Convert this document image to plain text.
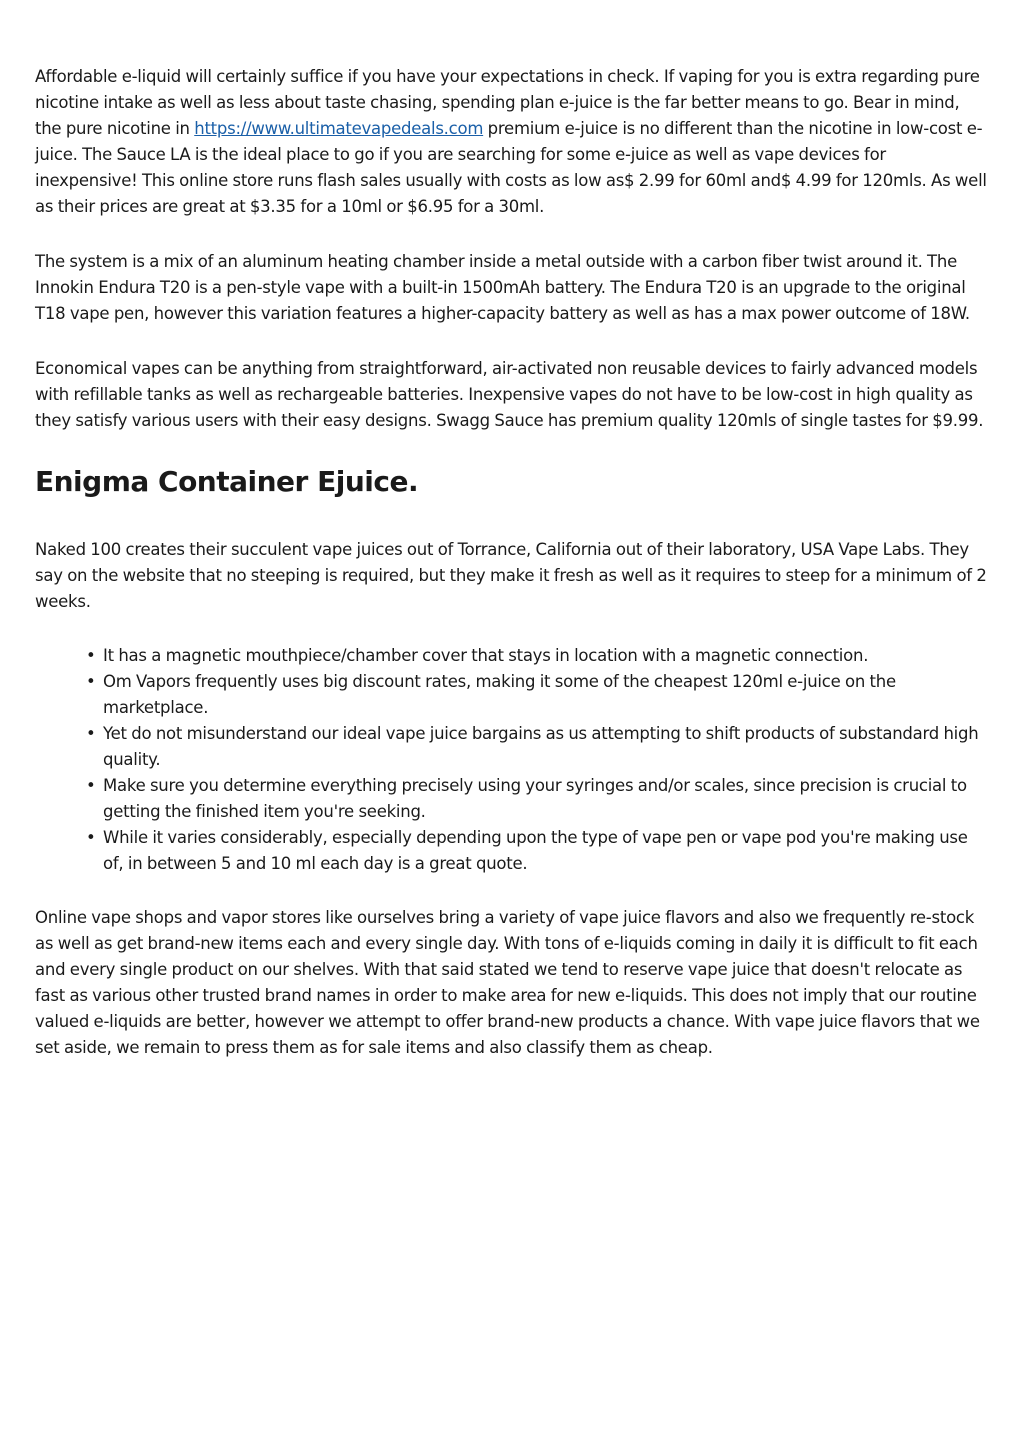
Affordable e-liquid will certainly suffice if you have your expectations in check. If vaping for you is extra regarding pure nicotine intake as well as less about taste chasing, spending plan e-juice is the far better means to go. Bear in mind, the pure nicotine in https://www.ultimatevapedeals.com premium e-juice is no different than the nicotine in low-cost e-juice. The Sauce LA is the ideal place to go if you are searching for some e-juice as well as vape devices for inexpensive! This online store runs flash sales usually with costs as low as$ 2.99 for 60ml and$ 4.99 for 120mls. As well as their prices are great at $3.35 for a 10ml or $6.95 for a 30ml.

The system is a mix of an aluminum heating chamber inside a metal outside with a carbon fiber twist around it. The Innokin Endura T20 is a pen-style vape with a built-in 1500mAh battery. The Endura T20 is an upgrade to the original T18 vape pen, however this variation features a higher-capacity battery as well as has a max power outcome of 18W.

Economical vapes can be anything from straightforward, air-activated non reusable devices to fairly advanced models with refillable tanks as well as rechargeable batteries. Inexpensive vapes do not have to be low-cost in high quality as they satisfy various users with their easy designs. Swagg Sauce has premium quality 120mls of single tastes for $9.99.

Enigma Container Ejuice.

Naked 100 creates their succulent vape juices out of Torrance, California out of their laboratory, USA Vape Labs. They say on the website that no steeping is required, but they make it fresh as well as it requires to steep for a minimum of 2 weeks.

• It has a magnetic mouthpiece/chamber cover that stays in location with a magnetic connection.
• Om Vapors frequently uses big discount rates, making it some of the cheapest 120ml e-juice on the marketplace.
• Yet do not misunderstand our ideal vape juice bargains as us attempting to shift products of substandard high quality.
• Make sure you determine everything precisely using your syringes and/or scales, since precision is crucial to getting the finished item you're seeking.
• While it varies considerably, especially depending upon the type of vape pen or vape pod you're making use of, in between 5 and 10 ml each day is a great quote.

Online vape shops and vapor stores like ourselves bring a variety of vape juice flavors and also we frequently re-stock as well as get brand-new items each and every single day. With tons of e-liquids coming in daily it is difficult to fit each and every single product on our shelves. With that said stated we tend to reserve vape juice that doesn't relocate as fast as various other trusted brand names in order to make area for new e-liquids. This does not imply that our routine valued e-liquids are better, however we attempt to offer brand-new products a chance. With vape juice flavors that we set aside, we remain to press them as for sale items and also classify them as cheap.
